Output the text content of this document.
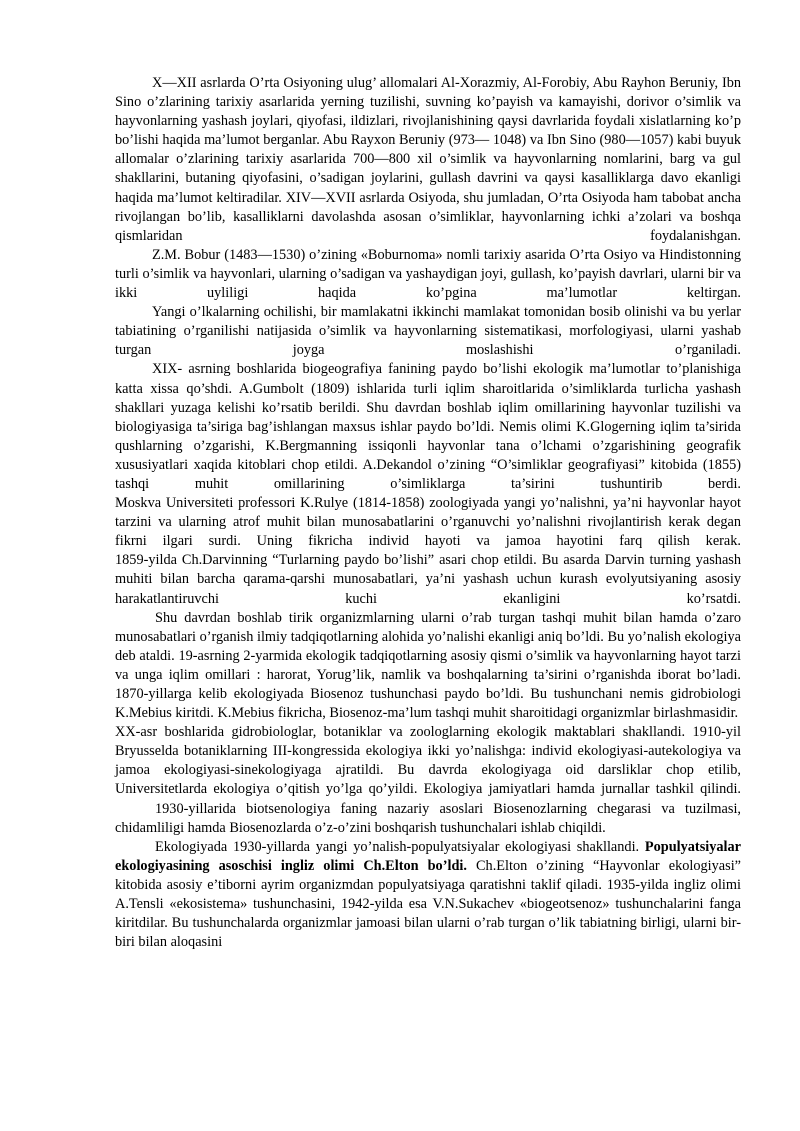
X—XII asrlarda O’rta Osiyoning ulug’ allomalari Al-Xorazmiy, Al-Forobiy, Abu Rayhon Beruniy, Ibn Sino o’zlarining tarixiy asarlarida yerning tuzilishi, suvning ko’payish va kamayishi, dorivor o’simlik va hayvonlarning yashash joylari, qiyofasi, ildizlari, rivojlanishining qaysi davrlarida foydali xislatlarning ko’p bo’lishi haqida ma’lumot berganlar. Abu Rayxon Beruniy (973— 1048) va Ibn Sino (980—1057) kabi buyuk allomalar o’zlarining tarixiy asarlarida 700—800 xil o’simlik va hayvonlarning nomlarini, barg va gul shakllarini, butaning qiyofasini, o’sadigan joylarini, gullash davrini va qaysi kasalliklarga davo ekanligi haqida ma’lumot keltiradilar. XIV—XVII asrlarda Osiyoda, shu jumladan, O’rta Osiyoda ham tabobat ancha rivojlangan bo’lib, kasalliklarni davolashda asosan o’simliklar, hayvonlarning ichki a’zolari va boshqa qismlaridan foydalanishgan.

Z.M. Bobur (1483—1530) o’zining «Boburnoma» nomli tarixiy asarida O’rta Osiyo va Hindistonning turli o’simlik va hayvonlari, ularning o’sadigan va yashaydigan joyi, gullash, ko’payish davrlari, ularni bir va ikki uyliligi haqida ko’pgina ma’lumotlar keltirgan.

Yangi o’lkalarning ochilishi, bir mamlakatni ikkinchi mamlakat tomonidan bosib olinishi va bu yerlar tabiatining o’rganilishi natijasida o’simlik va hayvonlarning sistematikasi, morfologiyasi, ularni yashab turgan joyga moslashishi o’rganiladi.

XIX- asrning boshlarida biogeografiya fanining paydo bo’lishi ekologik ma’lumotlar to’planishiga katta xissa qo’shdi. A.Gumbolt (1809) ishlarida turli iqlim sharoitlarida o’simliklarda turlicha yashash shakllari yuzaga kelishi ko’rsatib berildi. Shu davrdan boshlab iqlim omillarining hayvonlar tuzilishi va biologiyasiga ta’siriga bag’ishlangan maxsus ishlar paydo bo’ldi. Nemis olimi K.Glogerning iqlim ta’sirida qushlarning o’zgarishi, K.Bergmanning issiqonli hayvonlar tana o’lchami o’zgarishining geografik xususiyatlari xaqida kitoblari chop etildi. A.Dekandol o’zining “O’simliklar geografiyasi” kitobida (1855) tashqi muhit omillarining o’simliklarga ta’sirini tushuntirib berdi.

Moskva Universiteti professori K.Rulye (1814-1858) zoologiyada yangi yo’nalishni, ya’ni hayvonlar hayot tarzini va ularning atrof muhit bilan munosabatlarini o’rganuvchi yo’nalishni rivojlantirish kerak degan fikrni ilgari surdi. Uning fikricha individ hayoti va jamoa hayotini farq qilish kerak.

1859-yilda Ch.Darvinning “Turlarning paydo bo’lishi” asari chop etildi. Bu asarda Darvin turning yashash muhiti bilan barcha qarama-qarshi munosabatlari, ya’ni yashash uchun kurash evolyutsiyaning asosiy harakatlantiruvchi kuchi ekanligini ko’rsatdi.

Shu davrdan boshlab tirik organizmlarning ularni o’rab turgan tashqi muhit bilan hamda o’zaro munosabatlari o’rganish ilmiy tadqiqotlarning alohida yo’nalishi ekanligi aniq bo’ldi. Bu yo’nalish ekologiya deb ataldi. 19-asrning 2-yarmida ekologik tadqiqotlarning asosiy qismi o’simlik va hayvonlarning hayot tarzi va unga iqlim omillari : harorat, Yorug’lik, namlik va boshqalarning ta’sirini o’rganishda iborat bo’ladi. 1870-yillarga kelib ekologiyada Biosenoz tushunchasi paydo bo’ldi. Bu tushunchani nemis gidrobiologi K.Mebius kiritdi. K.Mebius fikricha, Biosenoz-ma’lum tashqi muhit sharoitidagi organizmlar birlashmasidir.

XX-asr boshlarida gidrobiologlar, botaniklar va zoologlarning ekologik maktablari shakllandi. 1910-yil Bryusselda botaniklarning III-kongressida ekologiya ikki yo’nalishga: individ ekologiyasi-autekologiya va jamoa ekologiyasi-sinekologiyaga ajratildi. Bu davrda ekologiyaga oid darsliklar chop etilib, Universitetlarda ekologiya o’qitish yo’lga qo’yildi. Ekologiya jamiyatlari hamda jurnallar tashkil qilindi.

1930-yillarida biotsenologiya faning nazariy asoslari Biosenozlarning chegarasi va tuzilmasi, chidamliligi hamda Biosenozlarda o’z-o’zini boshqarish tushunchalari ishlab chiqildi.

Ekologiyada 1930-yillarda yangi yo’nalish-populyatsiyalar ekologiyasi shakllandi. Populyatsiyalar ekologiyasining asoschisi ingliz olimi Ch.Elton bo’ldi. Ch.Elton o’zining “Hayvonlar ekologiyasi” kitobida asosiy e’tiborni ayrim organizmdan populyatsiyaga qaratishni taklif qiladi. 1935-yilda ingliz olimi A.Tensli «ekosistema» tushunchasini, 1942-yilda esa V.N.Sukachev «biogeotsenoz» tushunchalarini fanga kiritdilar. Bu tushunchalarda organizmlar jamoasi bilan ularni o’rab turgan o’lik tabiatning birligi, ularni bir-biri bilan aloqasini
